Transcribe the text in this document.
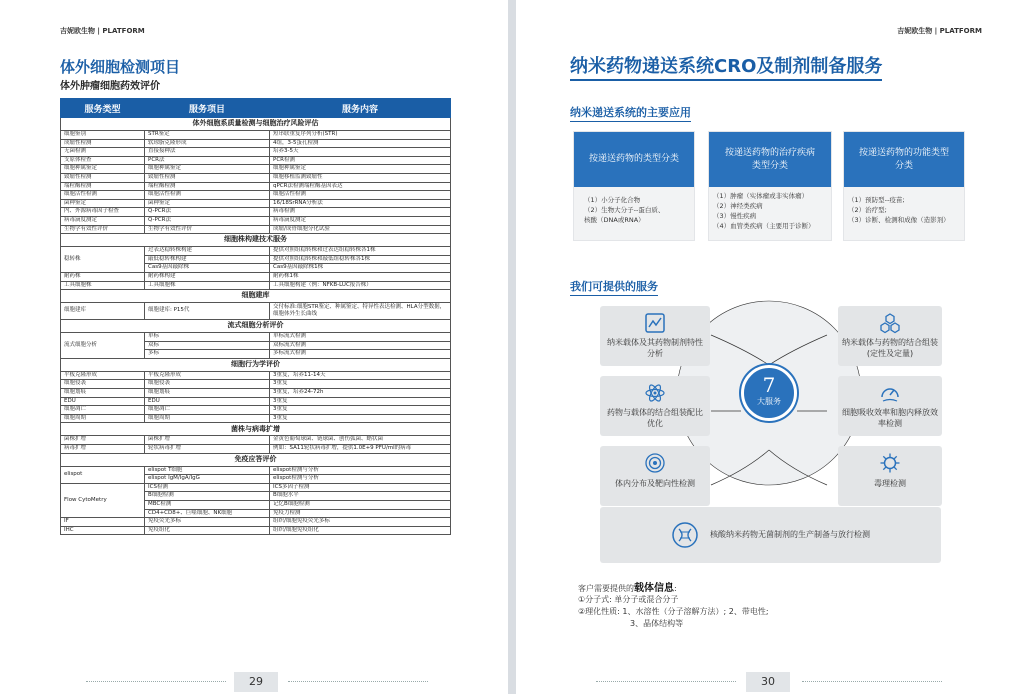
吉妮欧生物 | PLATFORM
体外细胞检测项目
体外肿瘤细胞药效评价
服务类型	服务项目	服务内容
体外细胞系质量检测与细胞治疗风险评估		
细胞鉴别	STR鉴定	短串联重复序列分析(STR)
成瘤性检测	软琼脂克隆形成	4组，3-5蛋孔检测
无菌检测	直接接种法	培养3-5天
支原体检查	PCR法	PCR检测
细胞种属鉴定	细胞种属鉴定	细胞种属鉴定
致瘤性检测	致瘤性检测	细胞移植监测致瘤性
端粒酶检测	端粒酶检测	qPCR法检测端粒酶基因表达
细胞活性检测	细胞活性检测	细胞活性检测
菌种鉴定	菌种鉴定	16/18SrRNA分析法
内、外源病毒因子检查	Q-PCR法	病毒检测
病毒滴度测定	Q-PCR法	病毒滴度测定
生物学有效性评价	生物学有效性评价	成瘤/成骨细胞分化试验
细胞株构建技术服务		
稳转株	过表达稳转株构建	提供对照组稳转株和过表达组稳转株各1株
	敲低稳转株构建	提供对照组稳转株和敲低组稳转株各1株
	Cas9基因敲除株	Cas9基因敲除株1株
耐药株	耐药株构建	耐药株1株
工具细胞株	工具细胞株	工具细胞构建（例：NFKB-LUC报告株）
细胞建库		
细胞建库	细胞建库: P15代	交付标准:细胞STR鉴定、种属鉴定、特异性表达检测、HLA分型数据，细胞体外生长曲线
流式细胞分析评价		
流式细胞分析	单标	单标流式检测
	双标	双标流式检测
	多标	多标流式检测
细胞行为学评价		
平板克隆形成	平板克隆形成	3重复，培养11-14天
细胞侵袭	细胞侵袭	3重复
细胞划痕	细胞划痕	3重复，培养24-72h
EDU	EDU	3重复
细胞凋亡	细胞凋亡	3重复
细胞周期	细胞周期	3重复
菌株与病毒扩增		
菌株扩增	菌株扩增	金黄色葡萄球菌、链球菌、创伤弧菌、蜡状菌
病毒扩增	轮状病毒扩增	例如：SA11轮状病毒扩增，提供1.0E+9 PFU/ml的病毒
免疫应答评价		
elispot	elispot T细胞	elispot检测与分析
	elispot IgM/IgA/IgG	elispot检测与分析
Flow CytoMetry	ICS检测	ICS多因子检测
	B细胞检测	B细胞水平
	MBC检测	记忆B细胞检测
	CD4+CD8+、巨噬细胞、NK细胞	免疫力检测
IF	免疫荧光多标	组织/细胞免疫荧光多标
IHC	免疫组化	组织/细胞免疫组化
29
吉妮欧生物 | PLATFORM
纳米药物递送系统CRO及制剂制备服务
纳米递送系统的主要应用
按递送药物的类型分类
（1）小分子化合物
（2）生物大分子--蛋白质、
核酸（DNA或RNA）
按递送药物的治疗疾病类型分类
（1）肿瘤（实体瘤或非实体瘤）
（2）神经类疾病
（3）慢性疾病
（4）血管类疾病（主要用于诊断）
按递送药物的功能类型分类
（1）预防型--疫苗;
（2）治疗型;
（3）诊断、检测和成像（造影剂）
我们可提供的服务
纳米载体及其药物制剂特性分析
纳米载体与药物的结合组装(定性及定量)
药物与载体的结合组装配比优化
细胞吸收效率和胞内释放效率检测
体内分布及靶向性检测	毒理检测
核酸纳米药物无菌制剂的生产制备与放行检测
7
大服务
客户需要提供的载体信息:
①分子式: 单分子或混合分子
②理化性质: 1、水溶性（分子溶解方法）; 2、带电性;
3、晶体结构等
30
